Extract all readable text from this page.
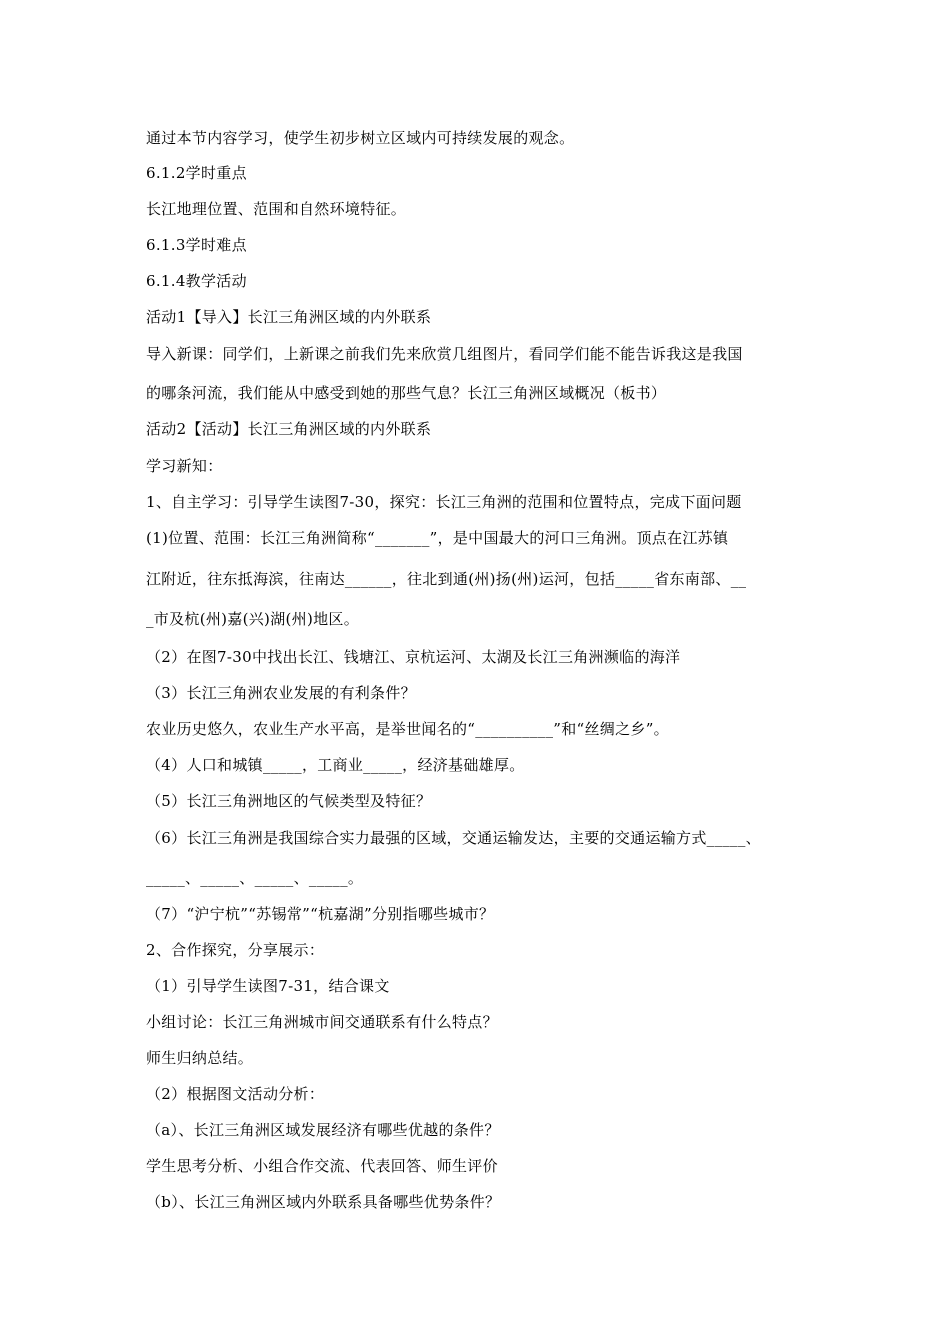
通过本节内容学习，使学生初步树立区域内可持续发展的观念。
6.1.2学时重点
长江地理位置、范围和自然环境特征。
6.1.3学时难点
6.1.4教学活动
活动1【导入】长江三角洲区域的内外联系
导入新课：同学们，上新课之前我们先来欣赏几组图片，看同学们能不能告诉我这是我国
的哪条河流，我们能从中感受到她的那些气息？长江三角洲区域概况（板书）
活动2【活动】长江三角洲区域的内外联系
学习新知：
1、自主学习：引导学生读图7-30，探究：长江三角洲的范围和位置特点，完成下面问题
(1)位置、范围：长江三角洲简称“_______”，是中国最大的河口三角洲。顶点在江苏镇
江附近，往东抵海滨，往南达______，往北到通(州)扬(州)运河，包括_____省东南部、__
_市及杭(州)嘉(兴)湖(州)地区。
（2）在图7-30中找出长江、钱塘江、京杭运河、太湖及长江三角洲濒临的海洋
（3）长江三角洲农业发展的有利条件？
农业历史悠久，农业生产水平高，是举世闻名的“__________”和“丝绸之乡”。
（4）人口和城镇_____，工商业_____，经济基础雄厚。
（5）长江三角洲地区的气候类型及特征？
（6）长江三角洲是我国综合实力最强的区域，交通运输发达，主要的交通运输方式_____、
_____、_____、_____、_____。
（7）“沪宁杭”“苏锡常”“杭嘉湖”分别指哪些城市？
2、合作探究，分享展示：
（1）引导学生读图7-31，结合课文
小组讨论：长江三角洲城市间交通联系有什么特点？
师生归纳总结。
（2）根据图文活动分析：
（a）、长江三角洲区域发展经济有哪些优越的条件？
学生思考分析、小组合作交流、代表回答、师生评价
（b）、长江三角洲区域内外联系具备哪些优势条件？
